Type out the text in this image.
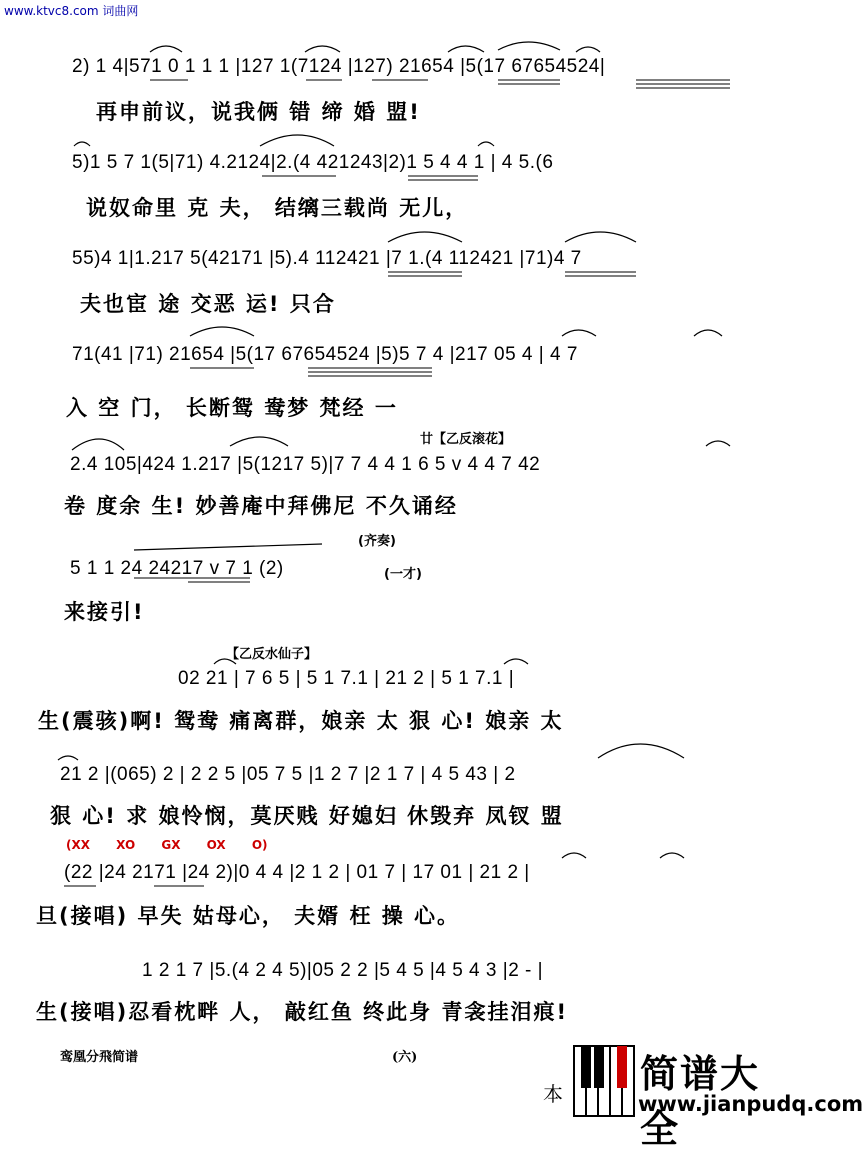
www.ktvc8.com 词曲网
2) 1 4|571 0 1 1 1 |127 1(7124 |127) 21654 |5(17 67654524|
再申前议，说我俩 错 缔 婚 盟!
5)1 5 7 1(5|71) 4.2124|2.(4 421243|2)1 5 4 4 1 | 4 5.(6
说奴命里 克 夫， 结缡三载尚 无儿，
55)4 1|1.217 5(42171 |5).4 112421 |7 1.(4 112421 |71)4 7
夫也宦 途 交恶 运! 只合
71(41 |71) 21654 |5(17 67654524 |5)5 7 4 |217 05 4 | 4 7
入 空 门， 长断鸳 鸯梦 梵经 一
廿【乙反滚花】
2.4 105|424 1.217 |5(1217 5)|7 7 4 4 1 6 5 v 4 4 7 42
卷 度余 生! 妙善庵中拜佛尼 不久诵经
(齐奏)
5 1 1 24 24217 v 7 1 (2)	(一才)
来接引!
【乙反水仙子】
02 21 | 7 6 5 | 5 1 7.1 | 21 2 | 5 1 7.1 |
生(震骇)啊! 鸳鸯 痛离群，娘亲 太 狠 心! 娘亲 太
21 2 |(065) 2 | 2 2 5 |05 7 5 |1 2 7 |2 1 7 | 4 5 43 | 2
狠 心! 求 娘怜悯，莫厌贱 好媳妇 休毁弃 凤钗 盟
(XX XO GX OX O)
(22 |24 2171 |24 2)|0 4 4 |2 1 2 | 01 7 | 17 01 | 21 2 |
旦(接唱) 早失 姑母心， 夫婿 枉 操 心。
1 2 1 7 |5.(4 2 4 5)|05 2 2 |5 4 5 |4 5 4 3 |2 - |
生(接唱)忍看枕畔 人， 敲红鱼 终此身 青衾挂泪痕!
鸾凰分飛简谱	(六)
本 简谱大全
www.jianpudq.com
